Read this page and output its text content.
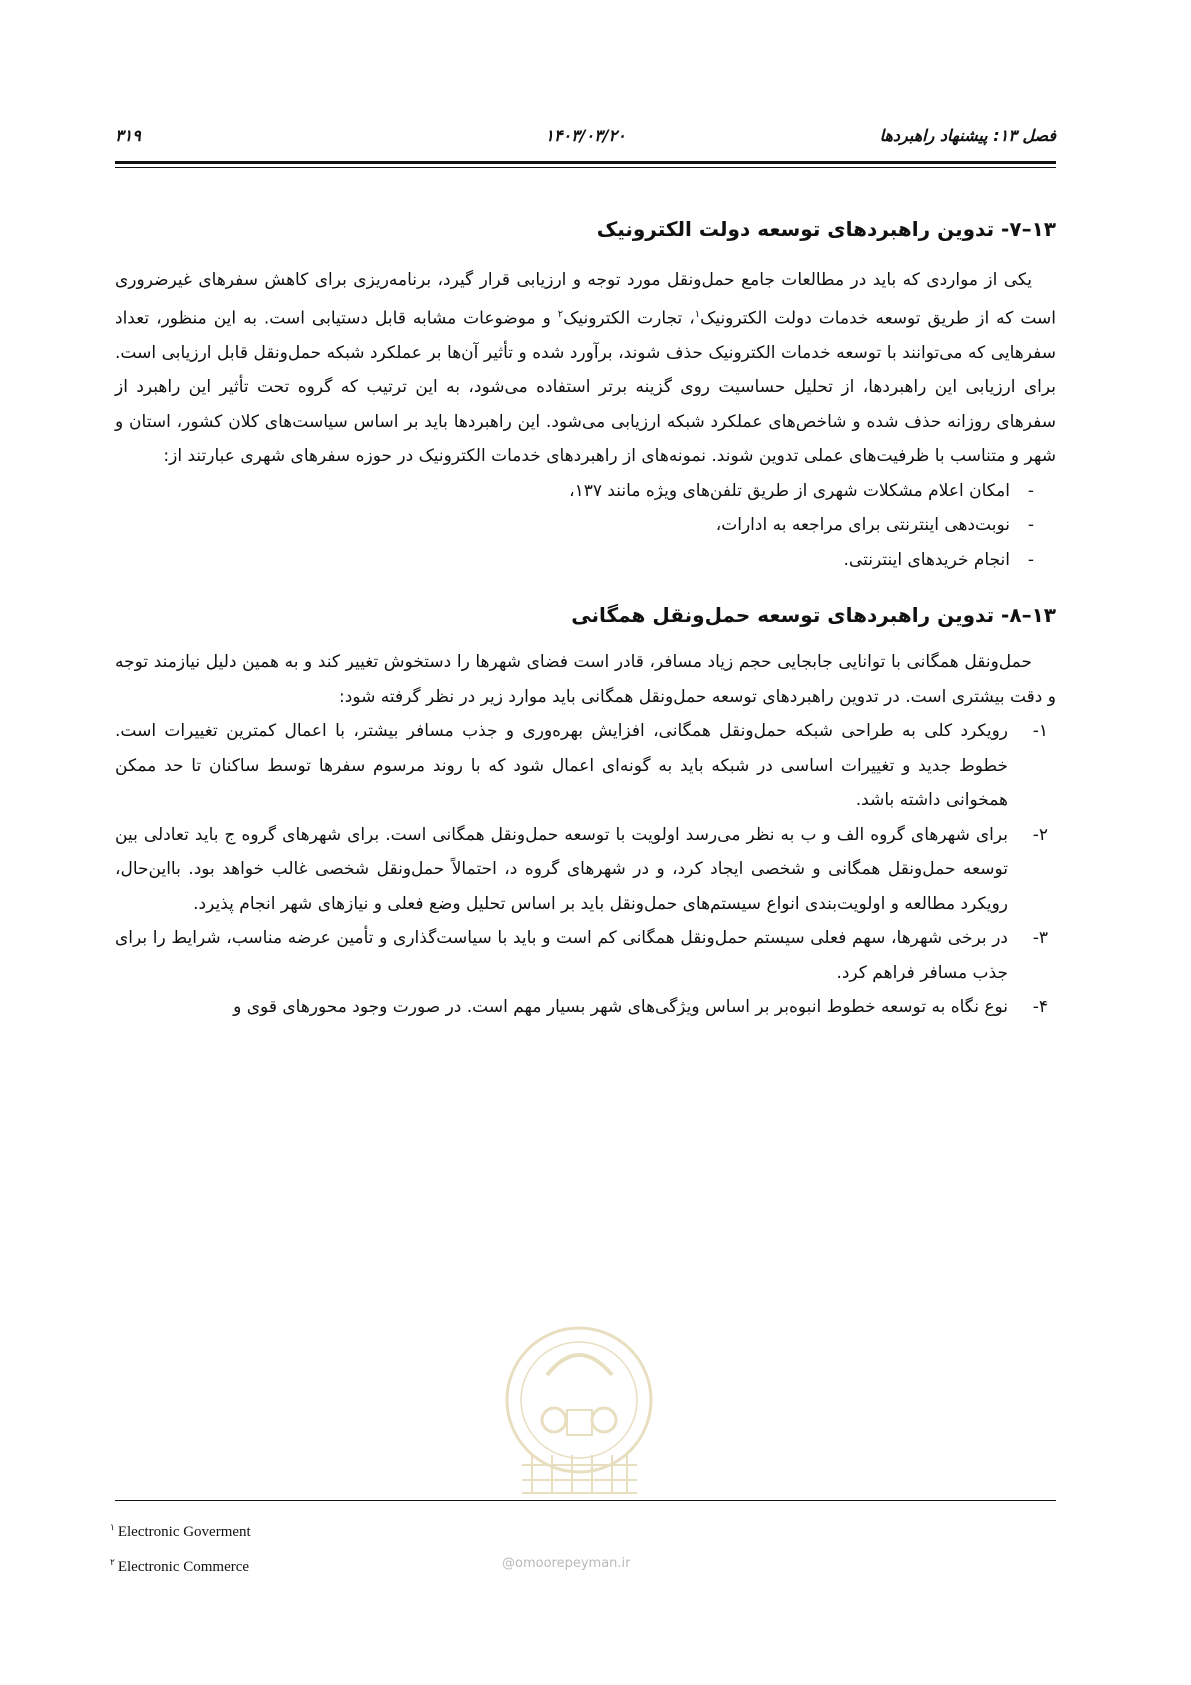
فصل ۱۳: پیشنهاد راهبردها
۱۴۰۳/۰۳/۲۰
۳۱۹
۱۳–۷- تدوین راهبردهای توسعه دولت الکترونیک

یکی از مواردی که باید در مطالعات جامع حمل‌ونقل مورد توجه و ارزیابی قرار گیرد، برنامه‌ریزی برای کاهش سفرهای غیرضروری است که از طریق توسعه خدمات دولت الکترونیک$^۱$، تجارت الکترونیک$^۲$ و موضوعات مشابه قابل دستیابی است. به این منظور، تعداد سفرهایی که می‌توانند با توسعه خدمات الکترونیک حذف شوند، برآورد شده و تأثیر آن‌ها بر عملکرد شبکه حمل‌ونقل قابل ارزیابی است. برای ارزیابی این راهبردها، از تحلیل حساسیت روی گزینه برتر استفاده می‌شود، به این ترتیب که گروه تحت تأثیر این راهبرد از سفرهای روزانه حذف شده و شاخص‌های عملکرد شبکه ارزیابی می‌شود. این راهبردها باید بر اساس سیاست‌های کلان کشور، استان و شهر و متناسب با ظرفیت‌های عملی تدوین شوند. نمونه‌های از راهبردهای خدمات الکترونیک در حوزه سفرهای شهری عبارتند از:

-
امکان اعلام مشکلات شهری از طریق تلفن‌های ویژه مانند ۱۳۷،
-
نوبت‌دهی اینترنتی برای مراجعه به ادارات،
-
انجام خریدهای اینترنتی.
۱۳–۸- تدوین راهبردهای توسعه حمل‌ونقل همگانی

حمل‌ونقل همگانی با توانایی جابجایی حجم زیاد مسافر، قادر است فضای شهرها را دستخوش تغییر کند و به همین دلیل نیازمند توجه و دقت بیشتری است. در تدوین راهبردهای توسعه حمل‌ونقل همگانی باید موارد زیر در نظر گرفته شود:

۱-
رویکرد کلی به طراحی شبکه حمل‌ونقل همگانی، افزایش بهره‌وری و جذب مسافر بیشتر، با اعمال کمترین تغییرات است. خطوط جدید و تغییرات اساسی در شبکه باید به گونه‌ای اعمال شود که با روند مرسوم سفرها توسط ساکنان تا حد ممکن همخوانی داشته باشد.
۲-
برای شهرهای گروه الف و ب به نظر می‌رسد اولویت با توسعه حمل‌ونقل همگانی است. برای شهرهای گروه ج باید تعادلی بین توسعه حمل‌ونقل همگانی و شخصی ایجاد کرد، و در شهرهای گروه د، احتمالاً حمل‌ونقل شخصی غالب خواهد بود. بااین‌حال، رویکرد مطالعه و اولویت‌بندی انواع سیستم‌های حمل‌ونقل باید بر اساس تحلیل وضع فعلی و نیازهای شهر انجام پذیرد.
۳-
در برخی شهرها، سهم فعلی سیستم حمل‌ونقل همگانی کم است و باید با سیاست‌گذاری و تأمین عرضه مناسب، شرایط را برای جذب مسافر فراهم کرد.
۴-
نوع نگاه به توسعه خطوط انبوه‌بر بر اساس ویژگی‌های شهر بسیار مهم است. در صورت وجود محورهای قوی و
@omoorepeyman.ir
$^۱$ Electronic Goverment
$^۲$ Electronic Commerce
